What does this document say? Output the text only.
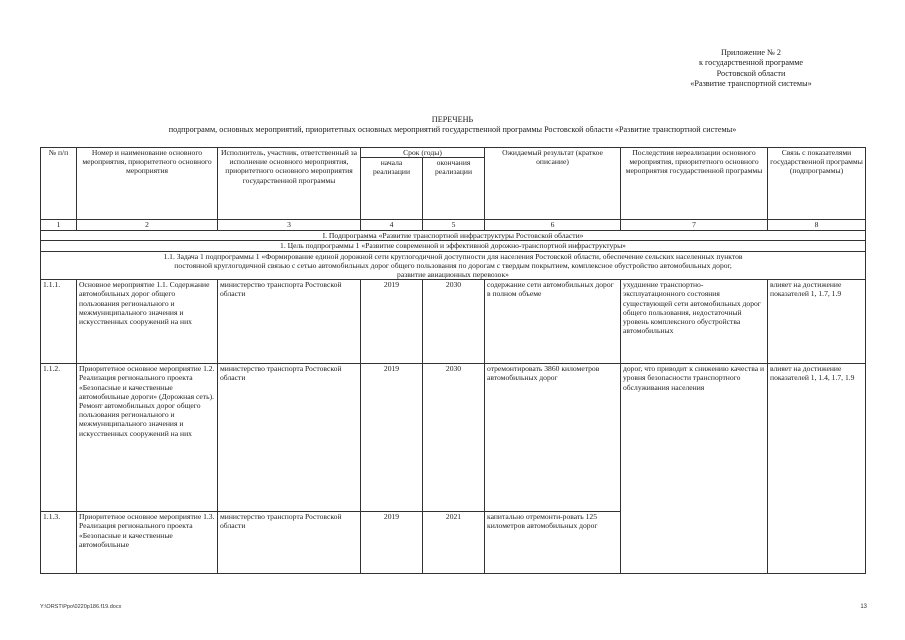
Приложение № 2
к государственной программе
Ростовской области
«Развитие транспортной системы»
ПЕРЕЧЕНЬ
подпрограмм, основных мероприятий, приоритетных основных мероприятий государственной программы Ростовской области «Развитие транспортной системы»
№ п/п	Номер и наименование основного мероприятия, приоритетного основного мероприятия	Исполнитель, участник, ответственный за исполнение основного мероприятия, приоритетного основного мероприятия государственной программы	Срок (годы)		Ожидаемый результат (краткое описание)	Последствия нереализации основного мероприятия, приоритетного основного мероприятия государственной программы	Связь с показателями государственной программы (подпрограммы)
			начала реализации	окончания реализации			
1	2	3	4	5	6	7	8
I. Подпрограмма «Развитие транспортной инфраструктуры Ростовской области»							
1. Цель подпрограммы 1 «Развитие современной и эффективной дорожно-транспортной инфраструктуры»							
1.1. Задача 1 подпрограммы 1 «Формирование единой дорожной сети круглогодичной доступности для населения Ростовской области, обеспечение сельских населенных пунктов постоянной круглогодичной связью с сетью автомобильных дорог общего пользования по дорогам с твердым покрытием, комплексное обустройство автомобильных дорог, развитие авиационных перевозок»							
1.1.1.	Основное мероприятие 1.1. Содержание автомобильных дорог общего пользования регионального и межмуниципального значения и искусственных сооружений на них	министерство транспорта Ростовской области	2019	2030	содержание сети автомобильных дорог в полном объеме	ухудшение транспортно-эксплуатационного состояния существующей сети автомобильных дорог общего пользования, недостаточный уровень комплексного обустройства автомобильных	влияет на достижение показателей 1, 1.7, 1.9
1.1.2.	Приоритетное основное мероприятие 1.2. Реализация регионального проекта «Безопасные и качественные автомобильные дороги» (Дорожная сеть). Ремонт автомобильных дорог общего пользования регионального и межмуниципального значения и искусственных сооружений на них	министерство транспорта Ростовской области	2019	2030	отремонтировать 3860 километров автомобильных дорог	дорог, что приводит к снижению качества и уровня безопасности транспортного обслуживания населения	влияет на достижение показателей 1, 1.4, 1.7, 1.9
1.1.3.	Приоритетное основное мероприятие 1.3. Реализация регионального проекта «Безопасные и качественные автомобильные	министерство транспорта Ростовской области	2019	2021	капитально отремонти-ровать 125 километров автомобильных дорог		
Y:\ORST\Ppo\0220p186.f19.docx	13
